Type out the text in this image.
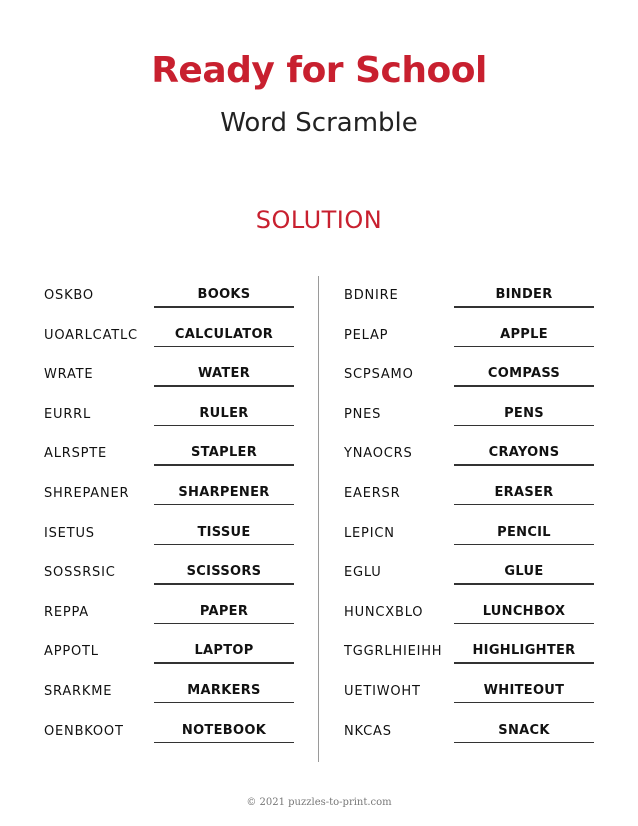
Ready for School
Word Scramble
SOLUTION
OSKBO	BOOKS
UOARLCATLC	CALCULATOR
WRATE	WATER
EURRL	RULER
ALRSPTE	STAPLER
SHREPANER	SHARPENER
ISETUS	TISSUE
SOSSRSIC	SCISSORS
REPPA	PAPER
APPOTL	LAPTOP
SRARKME	MARKERS
OENBKOOT	NOTEBOOK
BDNIRE	BINDER
PELAP	APPLE
SCPSAMO	COMPASS
PNES	PENS
YNAOCRS	CRAYONS
EAERSR	ERASER
LEPICN	PENCIL
EGLU	GLUE
HUNCXBLO	LUNCHBOX
TGGRLHIEIHH	HIGHLIGHTER
UETIWOHT	WHITEOUT
NKCAS	SNACK
© 2021 puzzles-to-print.com
